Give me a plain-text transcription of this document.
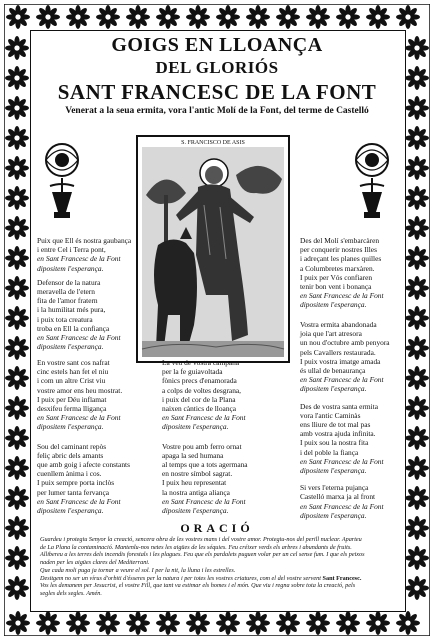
GOIGS EN LLOANÇA
DEL GLORIÓS
SANT FRANCESC DE LA FONT
Venerat a la seua ermita, vora l'antic Molí de la Font, del terme de Castelló
S. FRANCISCO DE ASIS

Puix que Ell és nostra gaubança
i entre Cel i Terra pont,
en Sant Francesc de la Font
dipositem l'esperança.

Defensor de la natura
meravella de l'etern
fita de l'amor fratern
i la humilitat més pura,
i puix tota creatura
troba en Ell la confiança
en Sant Francesc de la Font
dipositem l'esperança.

Des del Molí s'embarcàren
per conquerir nostres Illes
i adreçant les planes quilles
a Columbretes marxàren.
I puix per Vós confiaren
tenir bon vent i bonança
en Sant Francesc de la Font
dipositem l'esperança.

En vostre sant cos nafrat
cinc estels han fet el niu
i com un altre Crist viu
vostre amor ens heu mostrat.
I puix per Déu inflamat
desxifeu ferma lligança
en Sant Francesc de la Font
dipositem l'esperança.

Sou del caminant repòs
feliç abric dels amants
que amb goig i afecte constants
cuenllem ànima i cos.
I puix sempre porta inclòs
per lumer tanta fervança
en Sant Francesc de la Font
dipositem l'esperança.

La veu de vostra campana
per la fe guiavoltada
fònics precs d'enamorada
a colps de voltes desgrana,
i puix del cor de la Plana
naixen càntics de lloança
en Sant Francesc de la Font
dipositem l'esperança.

Vostre pou amb ferro ornat
apaga la sed humana
al temps que a tots agermana
en nostre símbol sagrat.
I puix heu representat
la nostra antiga aliança
en Sant Francesc de la Font
dipositem l'esperança.

Vostra ermita abandonada
joia que l'art atresora
un nou d'octubre amb penyora
pels Cavallers restaurada.
I puix vostra imatge amada
és ullal de benaurança
en Sant Francesc de la Font
dipositem l'esperança.

Des de vostra santa ermita
vora l'antic Caminàs
ens lliure de tot mal pas
amb vostra ajuda infinita.
I puix sou la nostra fita
i del poble la fiança
en Sant Francesc de la Font
dipositem l'esperança.

Si vers l'eterna pujança
Castelló marxa ja al front
en Sant Francesc de la Font
dipositem l'esperança.

ORACIÓ
Guardeu i protegiu Senyor la creació, sencera obra de les vostres mans i del vostre amor. Protegiu-nos del perill nuclear. Aparteu
de La Plana la contaminació. Mantenlu-nos netes les aigües de les séquies. Feu créixer verds els arbres i abundants de fruits.
Allibereu a les terres dels incendis forestals i les plagues. Feu que els pardalets puguen volar per un cel sense fum. I que els peixos
naden per les aigües clares del Mediterrani.
Que cada moli puga ja tornar a veure el sol. I per la nit, la lluna i les estrelles.
Desitgem no ser un vírus d'orbiti d'ésseres per la natura i per totes les vostres criatures, com el del vostre servent Sant Francesc.
Vos les demanem per Jesucrist, el vostre Fill, que tant va estimar els homes i el món. Que viu i regna sobre tota la creació, pels
segles dels segles. Amén.
